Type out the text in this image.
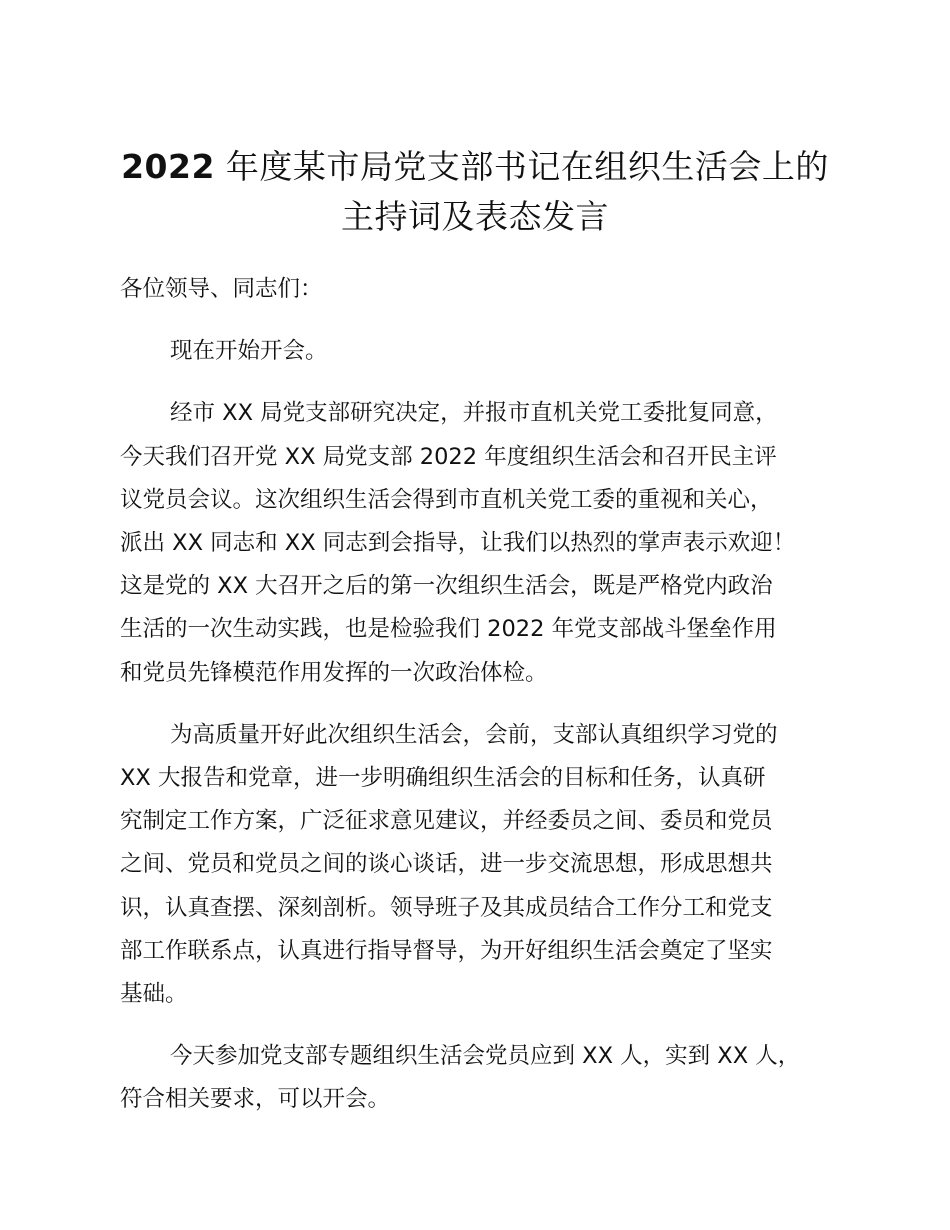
2022 年度某市局党支部书记在组织生活会上的
主持词及表态发言

各位领导、同志们：

现在开始开会。

经市 XX 局党支部研究决定，并报市直机关党工委批复同意，
今天我们召开党 XX 局党支部 2022 年度组织生活会和召开民主评
议党员会议。这次组织生活会得到市直机关党工委的重视和关心，
派出 XX 同志和 XX 同志到会指导，让我们以热烈的掌声表示欢迎！
这是党的 XX 大召开之后的第一次组织生活会，既是严格党内政治
生活的一次生动实践，也是检验我们 2022 年党支部战斗堡垒作用
和党员先锋模范作用发挥的一次政治体检。

为高质量开好此次组织生活会，会前，支部认真组织学习党的
XX 大报告和党章，进一步明确组织生活会的目标和任务，认真研
究制定工作方案，广泛征求意见建议，并经委员之间、委员和党员
之间、党员和党员之间的谈心谈话，进一步交流思想，形成思想共
识，认真查摆、深刻剖析。领导班子及其成员结合工作分工和党支
部工作联系点，认真进行指导督导，为开好组织生活会奠定了坚实
基础。

今天参加党支部专题组织生活会党员应到 XX 人，实到 XX 人，
符合相关要求，可以开会。
